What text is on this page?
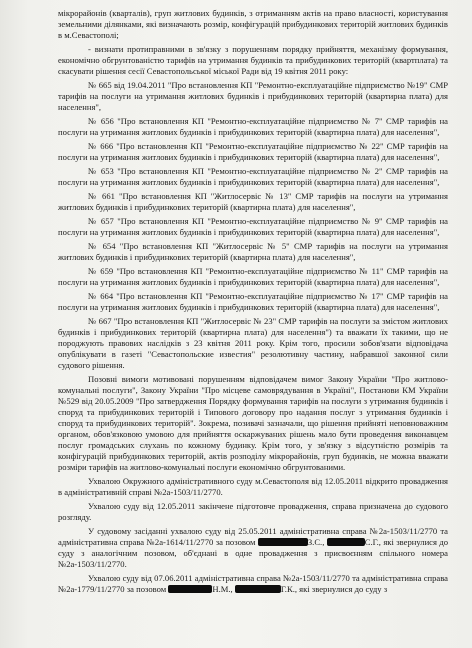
мікрорайонів (кварталів), груп житлових будинків, з отриманням актів на право власності, користування земельними ділянками, які визначають розмір, конфігурацій прибудинкових територій житлових будинків в м.Севастополі;

- визнати протиправними в зв'язку з порушенням порядку прийняття, механізму формування, економічно обгрунтованістю тарифів на утримання будинків та прибудинкових територій (квартплата) та скасувати рішення сесії Севастопольської міської Ради від 19 квітня 2011 року:

№ 665 від 19.04.2011 "Про встановлення КП "Ремонтно-експлуатаційне підприємство №19" СМР тарифів на послуги на утримання житлових будинків і прибудинкових територій (квартирна плата) для населення",

№ 656 "Про встановлення КП "Ремонтно-експлуатаційне підприємство № 7" СМР тарифів на послуги на утримання житлових будинків і прибудинкових територій (квартирна плата) для населення",

№ 666 "Про встановлення КП "Ремонтно-експлуатаційне підприємство № 22" СМР тарифів на послуги на утримання житлових будинків і прибудинкових територій (квартирна плата) для населення",

№ 653 "Про встановлення КП "Ремонтно-експлуатаційне підприємство № 2" СМР тарифів на послуги на утримання житлових будинків і прибудинкових територій (квартирна плата) для населення",

№ 661 "Про встановлення КП "Житлосервіс № 13" СМР тарифів на послуги на утримання житлових будинків і прибудинкових територій (квартирна плата) для населення",

№ 657 "Про встановлення КП "Ремонтно-експлуатаційне підприємство № 9" СМР тарифів на послуги на утримання житлових будинків і прибудинкових територій (квартирна плата) для населення",

№ 654 "Про встановлення КП "Житлосервіс № 5" СМР тарифів на послуги на утримання житлових будинків і прибудинкових територій (квартирна плата) для населення",

№ 659 "Про встановлення КП "Ремонтно-експлуатаційне підприємство № 11" СМР тарифів на послуги на утримання житлових будинків і прибудинкових територій (квартирна плата) для населення",

№ 664 "Про встановлення КП "Ремонтно-експлуатаційне підприємство № 17" СМР тарифів на послуги на утримання житлових будинків і прибудинкових територій (квартирна плата) для населення",

№ 667 "Про встановлення КП "Житлосервіс № 23" СМР тарифів на послуги за змістом житлових будинків і прибудинкових територій (квартирна плата) для населення") та вважати їх такими, що не породжують правових наслідків з 23 квітня 2011 року. Крім того, просили зобов'язати відповідача опублікувати в газеті "Севастопольские известия" резолютивну частину, набравшої законної сили судового рішення.

Позовні вимоги мотивовані порушенням відповідачем вимог Закону України "Про житлово-комунальні послуги", Закону України "Про місцеве самоврядування в Україні", Постанови КМ України №529 від 20.05.2009 "Про затвердження Порядку формування тарифів на послуги з утримання будинків і споруд та прибудинкових територій і Типового договору про надання послуг з утримання будинків і споруд та прибудинкових територій". Зокрема, позивачі зазначали, що рішення прийняті неповноважним органом, обов'язковою умовою для прийняття оскаржуваних рішень мало бути проведення виконавцем послуг громадських слухань по кожному будинку. Крім того, у зв'язку з відсутністю розмірів та конфігурацій прибудинкових територій, актів розподілу мікрорайонів, груп будинків, не можна вважати розміри тарифів на житлово-комунальні послуги економічно обгрунтованими.

Ухвалою Окружного адміністративного суду м.Севастополя від 12.05.2011 відкрито провадження в адміністративній справі №2а-1503/11/2770.

Ухвалою суду від 12.05.2011 закінчене підготовче провадження, справа призначена до судового розгляду.

У судовому засіданні ухвалою суду від 25.05.2011 адміністративна справа №2а-1503/11/2770 та адміністративна справа №2а-1614/11/2770 за позовом	З.С.,	С.Г., які звернулися до суду з аналогічним позовом, об'єднані в одне провадження з присвоєнням спільного номера №2а-1503/11/2770.

Ухвалою суду від 07.06.2011 адміністративна справа №2а-1503/11/2770 та адміністративна справа №2а-1779/11/2770 за позовом	Н.М.,	Г.К., які звернулися до суду з
